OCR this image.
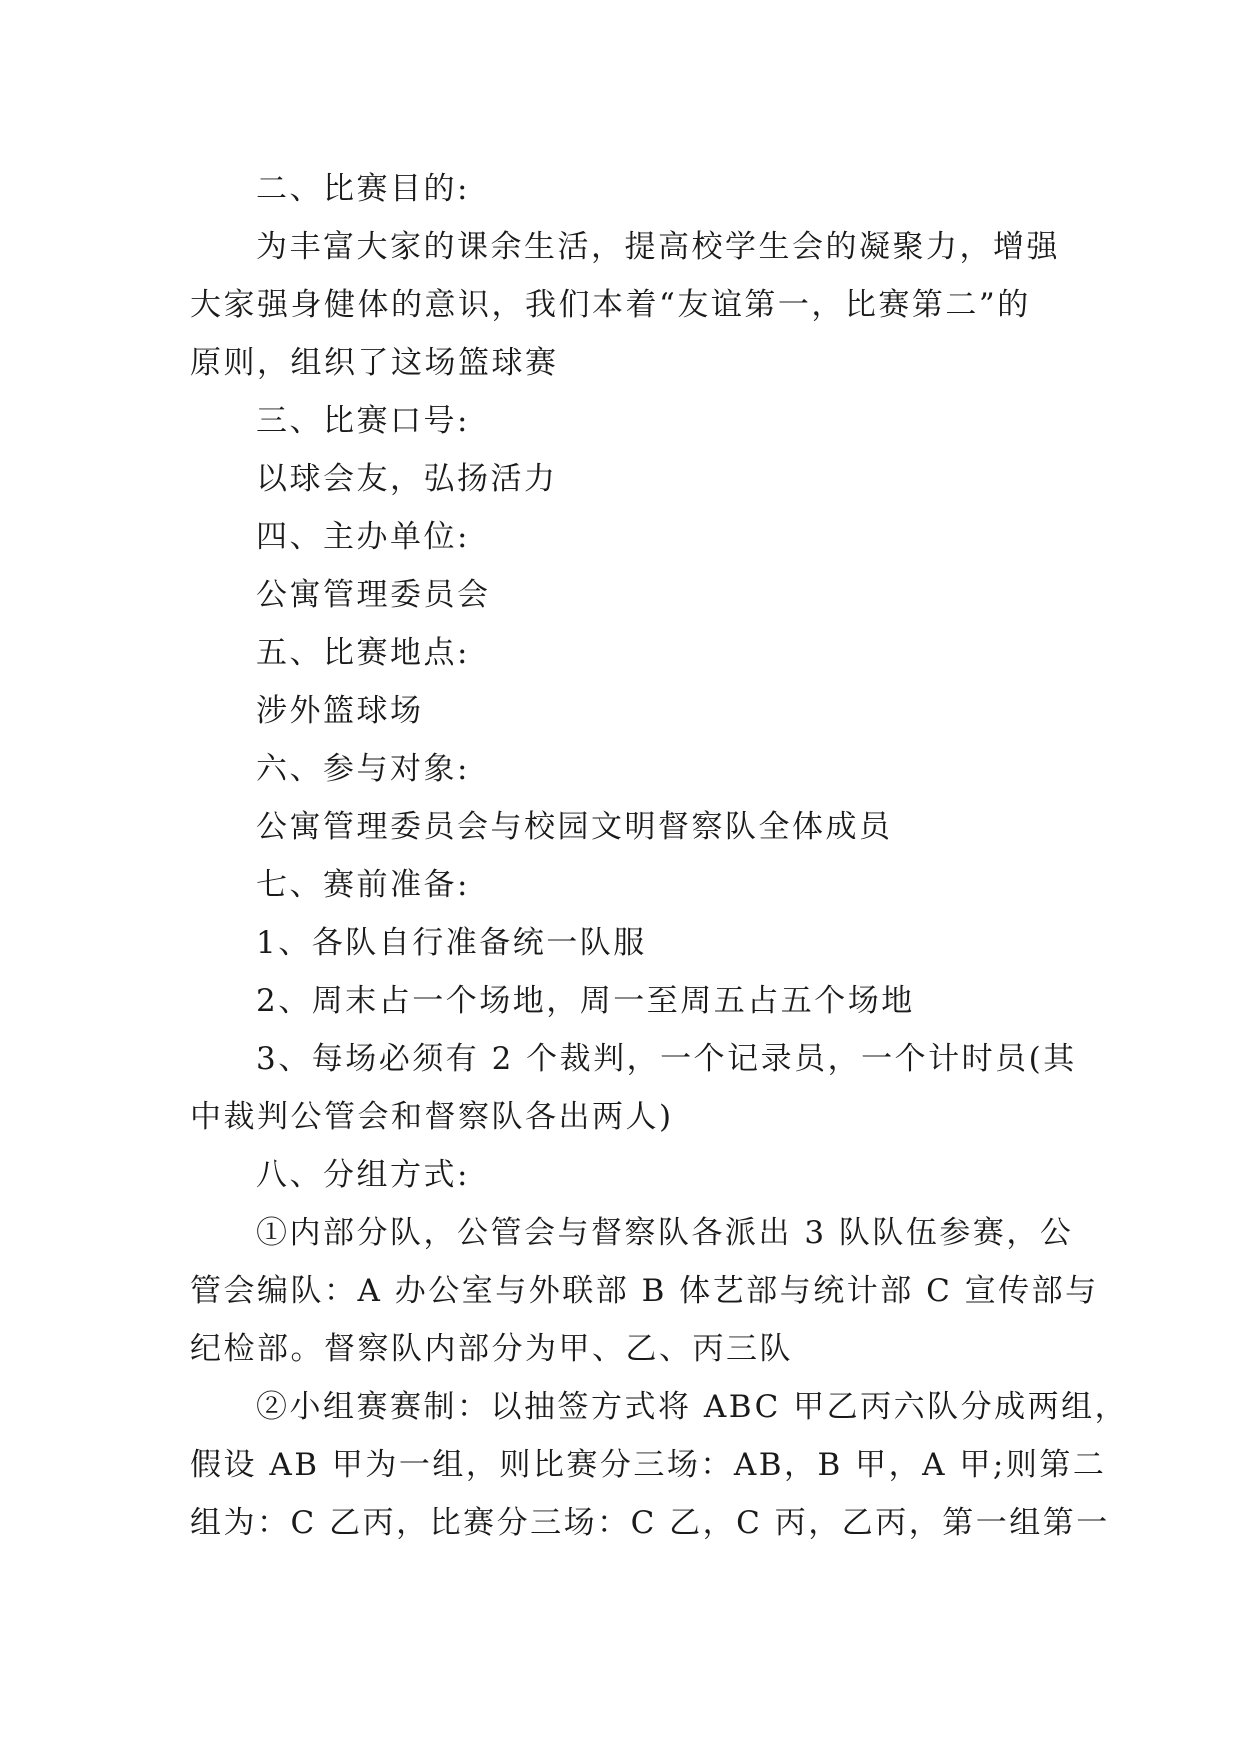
二、比赛目的:
为丰富大家的课余生活，提高校学生会的凝聚力，增强
大家强身健体的意识，我们本着“友谊第一，比赛第二”的
原则，组织了这场篮球赛
三、比赛口号:
以球会友，弘扬活力
四、主办单位:
公寓管理委员会
五、比赛地点:
涉外篮球场
六、参与对象:
公寓管理委员会与校园文明督察队全体成员
七、赛前准备:
1、各队自行准备统一队服
2、周末占一个场地，周一至周五占五个场地
3、每场必须有 2 个裁判，一个记录员，一个计时员(其
中裁判公管会和督察队各出两人)
八、分组方式:
①内部分队，公管会与督察队各派出 3 队队伍参赛，公
管会编队：A 办公室与外联部 B 体艺部与统计部 C 宣传部与
纪检部。督察队内部分为甲、乙、丙三队
②小组赛赛制：以抽签方式将 ABC 甲乙丙六队分成两组，
假设 AB 甲为一组，则比赛分三场：AB，B 甲，A 甲;则第二
组为：C 乙丙，比赛分三场：C 乙，C 丙，乙丙，第一组第一
